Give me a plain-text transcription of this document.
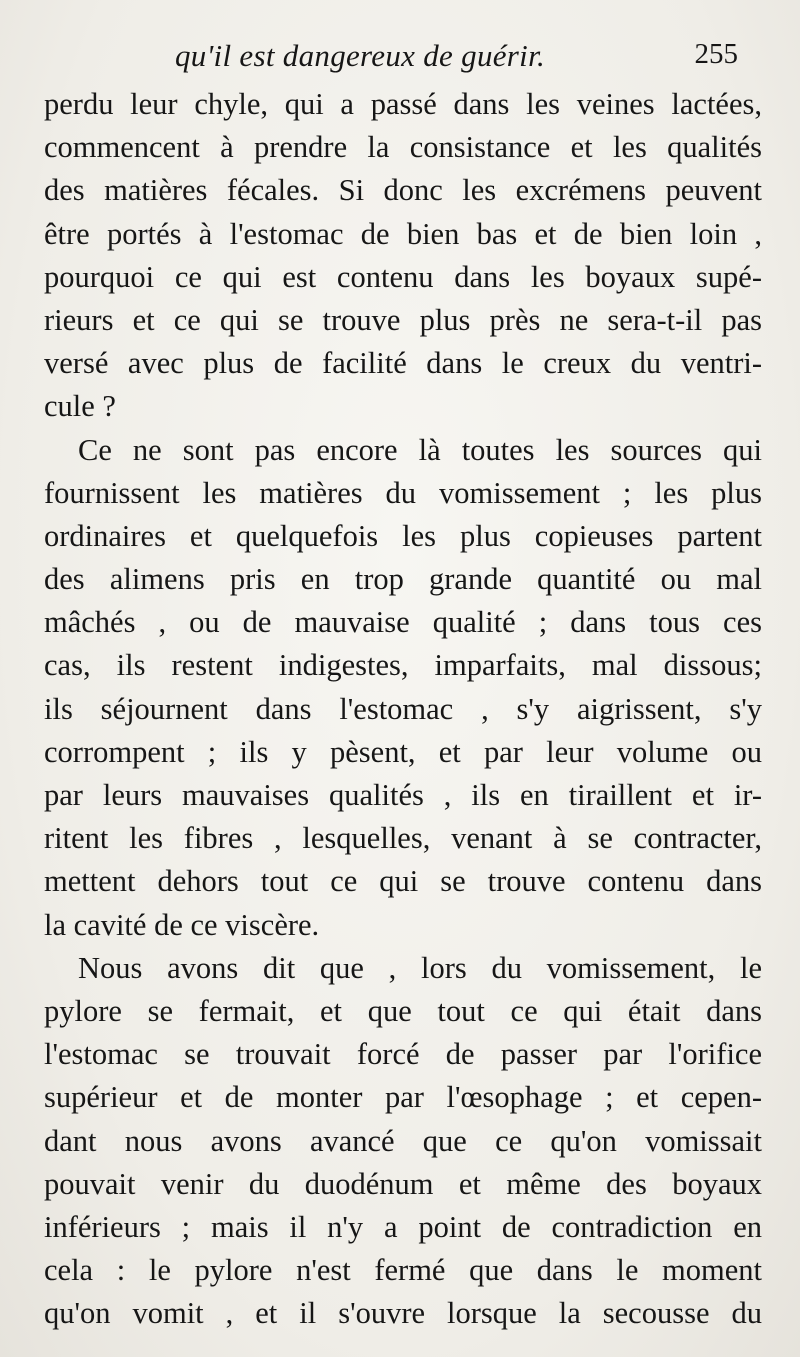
qu'il est dangereux de guérir.	255
perdu leur chyle, qui a passé dans les veines lactées,
commencent à prendre la consistance et les qualités
des matières fécales. Si donc les excrémens peuvent
être portés à l'estomac de bien bas et de bien loin ,
pourquoi ce qui est contenu dans les boyaux supé-
rieurs et ce qui se trouve plus près ne sera-t-il pas
versé avec plus de facilité dans le creux du ventri-
cule ?
Ce ne sont pas encore là toutes les sources qui
fournissent les matières du vomissement ; les plus
ordinaires et quelquefois les plus copieuses partent
des alimens pris en trop grande quantité ou mal
mâchés , ou de mauvaise qualité ; dans tous ces
cas, ils restent indigestes, imparfaits, mal dissous;
ils séjournent dans l'estomac , s'y aigrissent, s'y
corrompent ; ils y pèsent, et par leur volume ou
par leurs mauvaises qualités , ils en tiraillent et ir-
ritent les fibres , lesquelles, venant à se contracter,
mettent dehors tout ce qui se trouve contenu dans
la cavité de ce viscère.
Nous avons dit que , lors du vomissement, le
pylore se fermait, et que tout ce qui était dans
l'estomac se trouvait forcé de passer par l'orifice
supérieur et de monter par l'œsophage ; et cepen-
dant nous avons avancé que ce qu'on vomissait
pouvait venir du duodénum et même des boyaux
inférieurs ; mais il n'y a point de contradiction en
cela : le pylore n'est fermé que dans le moment
qu'on vomit , et il s'ouvre lorsque la secousse du
